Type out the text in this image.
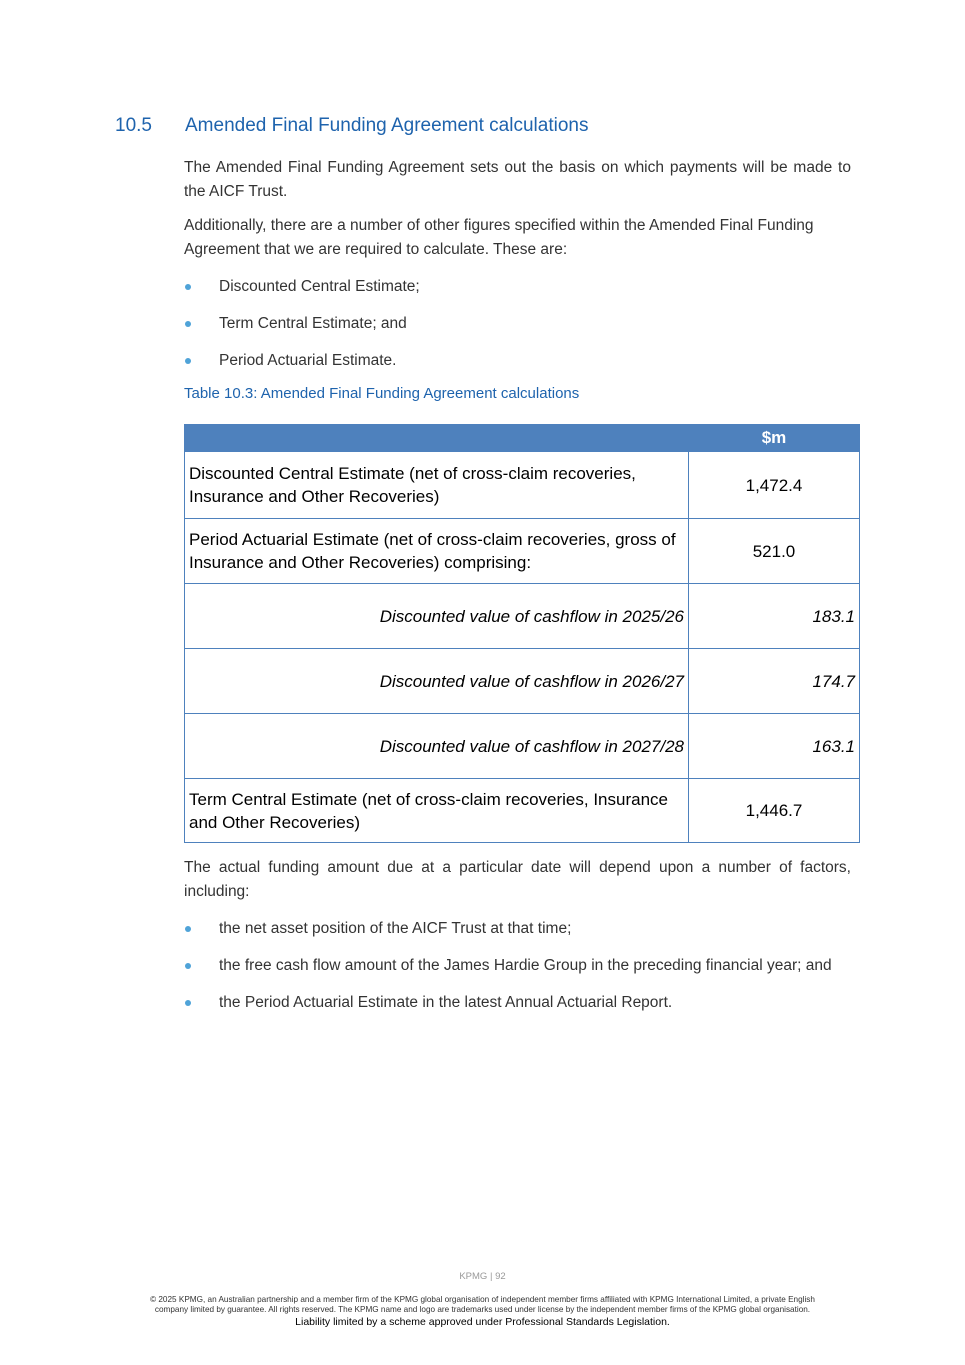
10.5	Amended Final Funding Agreement calculations

The Amended Final Funding Agreement sets out the basis on which payments will be made to the AICF Trust.

Additionally, there are a number of other figures specified within the Amended Final Funding Agreement that we are required to calculate. These are:

Discounted Central Estimate;
Term Central Estimate; and
Period Actuarial Estimate.
Table 10.3: Amended Final Funding Agreement calculations
	$m
Discounted Central Estimate (net of cross-claim recoveries, Insurance and Other Recoveries)	1,472.4
Period Actuarial Estimate (net of cross-claim recoveries, gross of Insurance and Other Recoveries) comprising:	521.0
Discounted value of cashflow in 2025/26	183.1
Discounted value of cashflow in 2026/27	174.7
Discounted value of cashflow in 2027/28	163.1
Term Central Estimate (net of cross-claim recoveries, Insurance and Other Recoveries)	1,446.7

The actual funding amount due at a particular date will depend upon a number of factors, including:

the net asset position of the AICF Trust at that time;
the free cash flow amount of the James Hardie Group in the preceding financial year; and
the Period Actuarial Estimate in the latest Annual Actuarial Report.
KPMG | 92
© 2025 KPMG, an Australian partnership and a member firm of the KPMG global organisation of independent member firms affiliated with KPMG International Limited, a private English
company limited by guarantee. All rights reserved. The KPMG name and logo are trademarks used under license by the independent member firms of the KPMG global organisation.
Liability limited by a scheme approved under Professional Standards Legislation.
